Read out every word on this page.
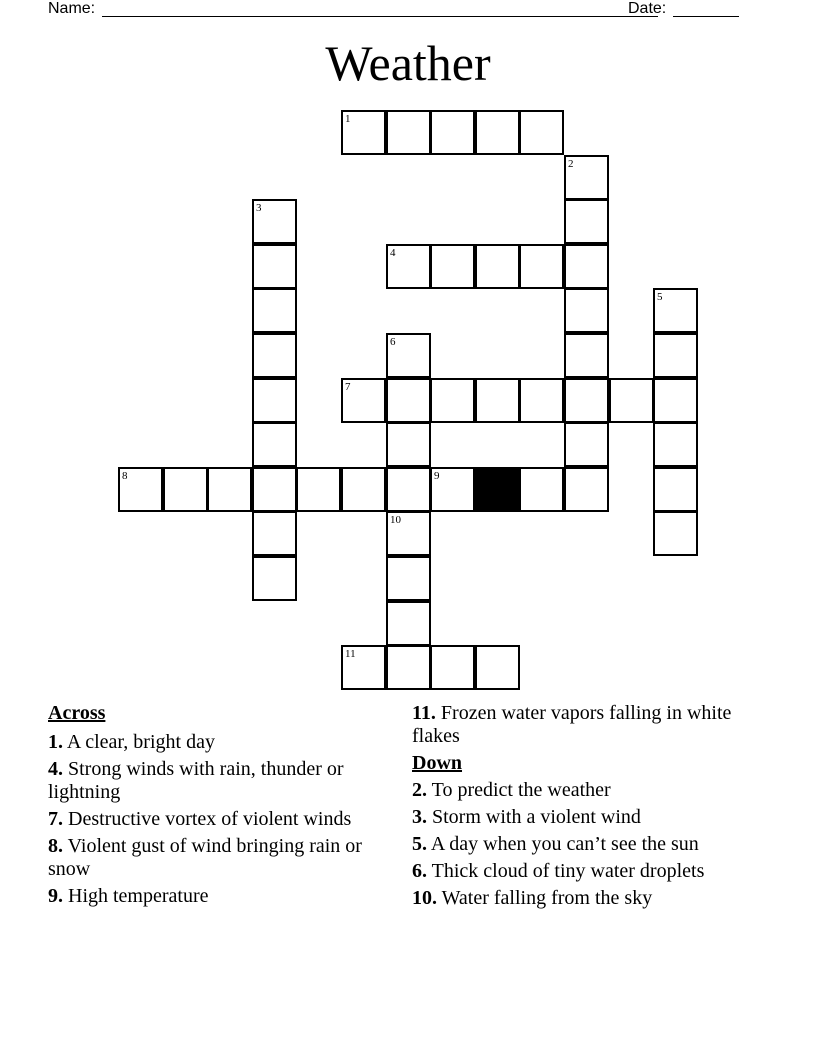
Name:	Date:
Weather
1
4
7
8	9
11
2
3
5
6
10
Across
1. A clear, bright day
4. Strong winds with rain, thunder or lightning
7. Destructive vortex of violent winds
8. Violent gust of wind bringing rain or snow
9. High temperature
11. Frozen water vapors falling in white flakes
Down
2. To predict the weather
3. Storm with a violent wind
5. A day when you can’t see the sun
6. Thick cloud of tiny water droplets
10. Water falling from the sky
